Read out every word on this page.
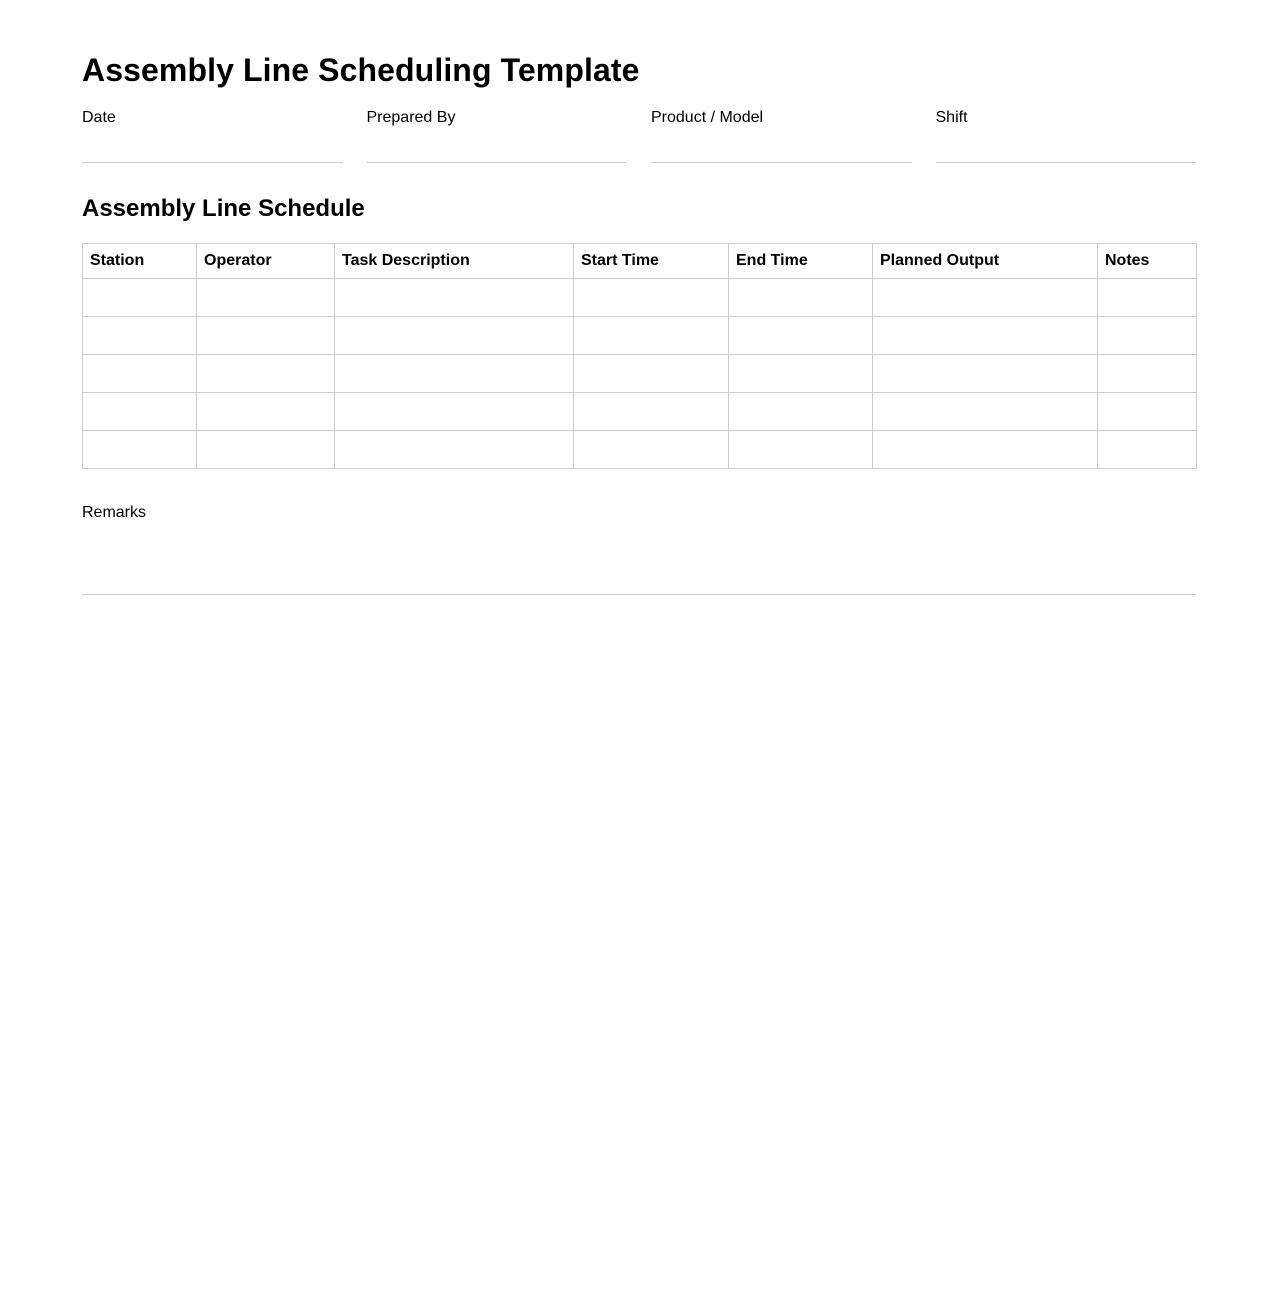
Assembly Line Scheduling Template
Date	Prepared By	Product / Model	Shift
Assembly Line Schedule
Station	Operator	Task Description	Start Time	End Time	Planned Output	Notes

Remarks
